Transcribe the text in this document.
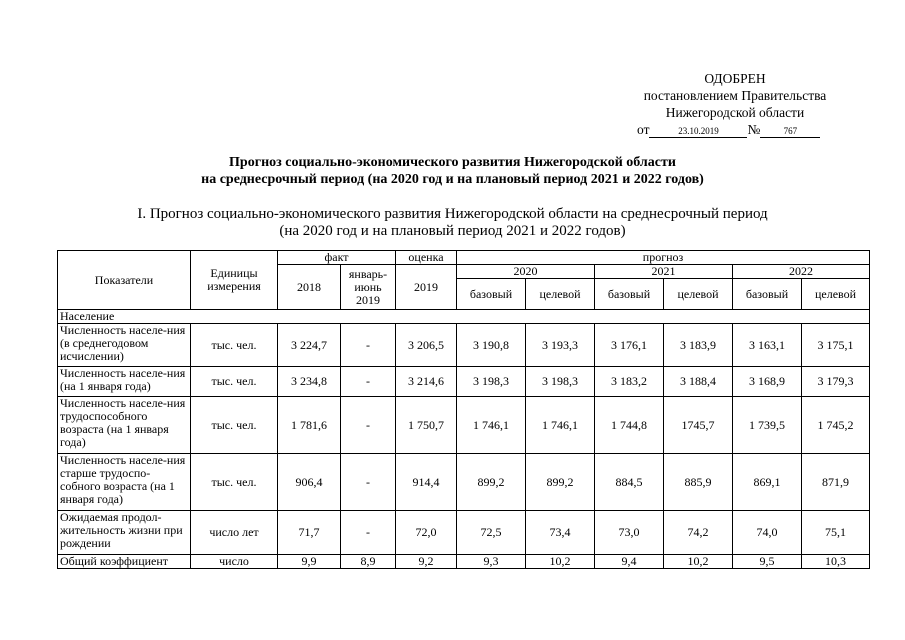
ОДОБРЕН
постановлением Правительства
Нижегородской области
от	23.10.2019 №	767
Прогноз социально-экономического развития Нижегородской области
на среднесрочный период (на 2020 год и на плановый период 2021 и 2022 годов)
I. Прогноз социально-экономического развития Нижегородской области на среднесрочный период
(на 2020 год и на плановый период 2021 и 2022 годов)
Показатели	Единицы измерения	факт		оценка	прогноз					
		2018	январь-июнь 2019	2019	2020		2021		2022	
					базовый	целевой	базовый	целевой	базовый	целевой
Население										
Численность населе-ния (в среднегодовом исчислении)	тыс. чел.	3 224,7	-	3 206,5	3 190,8	3 193,3	3 176,1	3 183,9	3 163,1	3 175,1
Численность населе-ния (на 1 января года)	тыс. чел.	3 234,8	-	3 214,6	3 198,3	3 198,3	3 183,2	3 188,4	3 168,9	3 179,3
Численность населе-ния трудоспособного возраста (на 1 января года)	тыс. чел.	1 781,6	-	1 750,7	1 746,1	1 746,1	1 744,8	1745,7	1 739,5	1 745,2
Численность населе-ния старше трудоспо-собного возраста (на 1 января года)	тыс. чел.	906,4	-	914,4	899,2	899,2	884,5	885,9	869,1	871,9
Ожидаемая продол-жительность жизни при рождении	число лет	71,7	-	72,0	72,5	73,4	73,0	74,2	74,0	75,1
Общий коэффициент	число	9,9	8,9	9,2	9,3	10,2	9,4	10,2	9,5	10,3
